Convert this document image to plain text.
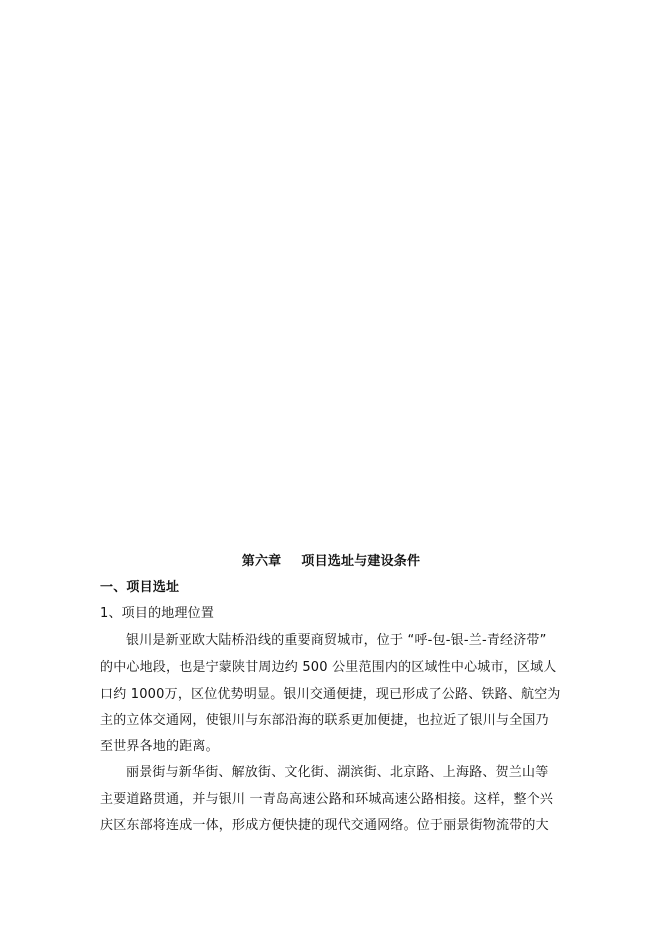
第六章 项目选址与建设条件
一、项目选址
1、项目的地理位置
银川是新亚欧大陆桥沿线的重要商贸城市，位于 “呼-包-银-兰-青经济带”
的中心地段，也是宁蒙陕甘周边约 500 公里范围内的区域性中心城市，区域人
口约 1000万，区位优势明显。银川交通便捷，现已形成了公路、铁路、航空为
主的立体交通网，使银川与东部沿海的联系更加便捷，也拉近了银川与全国乃
至世界各地的距离。
丽景街与新华街、解放街、文化街、湖滨街、北京路、上海路、贺兰山等
主要道路贯通，并与银川 一青岛高速公路和环城高速公路相接。这样，整个兴
庆区东部将连成一体，形成方便快捷的现代交通网络。位于丽景街物流带的大
